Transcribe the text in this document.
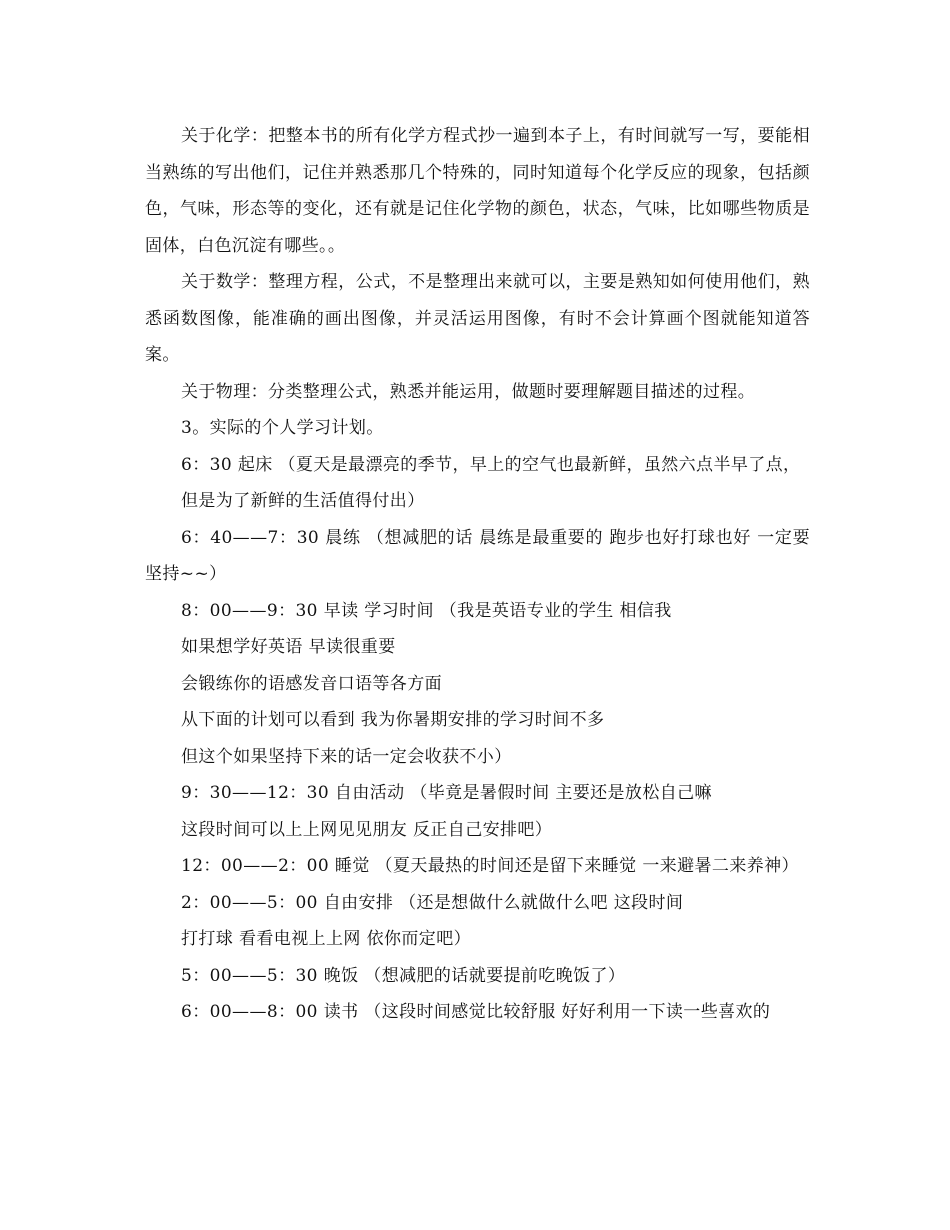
关于化学：把整本书的所有化学方程式抄一遍到本子上，有时间就写一写，要能相当熟练的写出他们，记住并熟悉那几个特殊的，同时知道每个化学反应的现象，包括颜色，气味，形态等的变化，还有就是记住化学物的颜色，状态，气味，比如哪些物质是固体，白色沉淀有哪些。。

关于数学：整理方程，公式，不是整理出来就可以，主要是熟知如何使用他们，熟悉函数图像，能准确的画出图像，并灵活运用图像，有时不会计算画个图就能知道答案。

关于物理：分类整理公式，熟悉并能运用，做题时要理解题目描述的过程。

3。实际的个人学习计划。

6：30 起床 （夏天是最漂亮的季节，早上的空气也最新鲜，虽然六点半早了点，

但是为了新鲜的生活值得付出）

6：40——7：30 晨练 （想减肥的话 晨练是最重要的 跑步也好打球也好 一定要坚持~~）

8：00——9：30 早读 学习时间 （我是英语专业的学生 相信我

如果想学好英语 早读很重要

会锻练你的语感发音口语等各方面

从下面的计划可以看到 我为你暑期安排的学习时间不多

但这个如果坚持下来的话一定会收获不小）

9：30——12：30 自由活动 （毕竟是暑假时间 主要还是放松自己嘛

这段时间可以上上网见见朋友 反正自己安排吧）

12：00——2：00 睡觉 （夏天最热的时间还是留下来睡觉 一来避暑二来养神）

2：00——5：00 自由安排 （还是想做什么就做什么吧 这段时间

打打球 看看电视上上网 依你而定吧）

5：00——5：30 晚饭 （想减肥的话就要提前吃晚饭了）

6：00——8：00 读书 （这段时间感觉比较舒服 好好利用一下读一些喜欢的
